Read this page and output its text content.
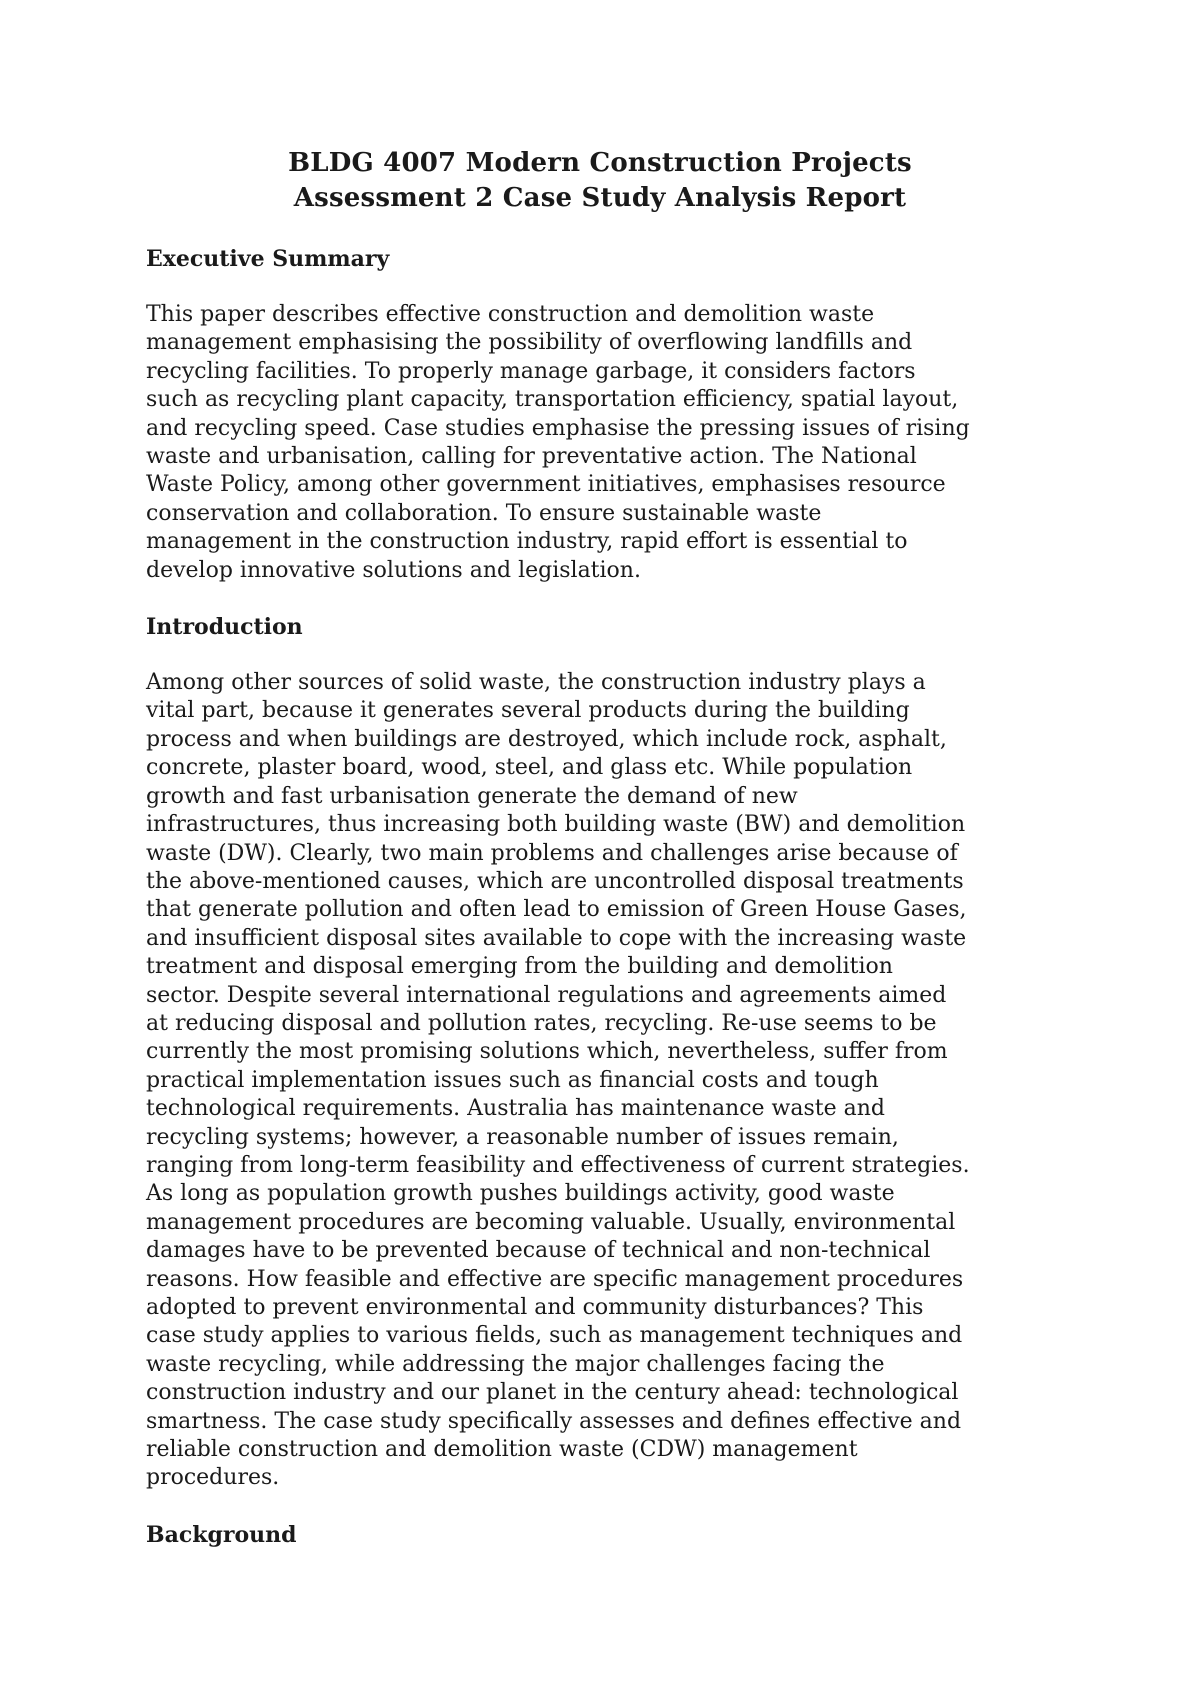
BLDG 4007 Modern Construction Projects
Assessment 2 Case Study Analysis Report
Executive Summary
This paper describes effective construction and demolition waste
management emphasising the possibility of overflowing landfills and
recycling facilities. To properly manage garbage, it considers factors
such as recycling plant capacity, transportation efficiency, spatial layout,
and recycling speed. Case studies emphasise the pressing issues of rising
waste and urbanisation, calling for preventative action. The National
Waste Policy, among other government initiatives, emphasises resource
conservation and collaboration. To ensure sustainable waste
management in the construction industry, rapid effort is essential to
develop innovative solutions and legislation.
Introduction
Among other sources of solid waste, the construction industry plays a
vital part, because it generates several products during the building
process and when buildings are destroyed, which include rock, asphalt,
concrete, plaster board, wood, steel, and glass etc. While population
growth and fast urbanisation generate the demand of new
infrastructures, thus increasing both building waste (BW) and demolition
waste (DW). Clearly, two main problems and challenges arise because of
the above-mentioned causes, which are uncontrolled disposal treatments
that generate pollution and often lead to emission of Green House Gases,
and insufficient disposal sites available to cope with the increasing waste
treatment and disposal emerging from the building and demolition
sector. Despite several international regulations and agreements aimed
at reducing disposal and pollution rates, recycling. Re-use seems to be
currently the most promising solutions which, nevertheless, suffer from
practical implementation issues such as financial costs and tough
technological requirements. Australia has maintenance waste and
recycling systems; however, a reasonable number of issues remain,
ranging from long-term feasibility and effectiveness of current strategies.
As long as population growth pushes buildings activity, good waste
management procedures are becoming valuable. Usually, environmental
damages have to be prevented because of technical and non-technical
reasons. How feasible and effective are specific management procedures
adopted to prevent environmental and community disturbances? This
case study applies to various fields, such as management techniques and
waste recycling, while addressing the major challenges facing the
construction industry and our planet in the century ahead: technological
smartness. The case study specifically assesses and defines effective and
reliable construction and demolition waste (CDW) management
procedures.
Background
